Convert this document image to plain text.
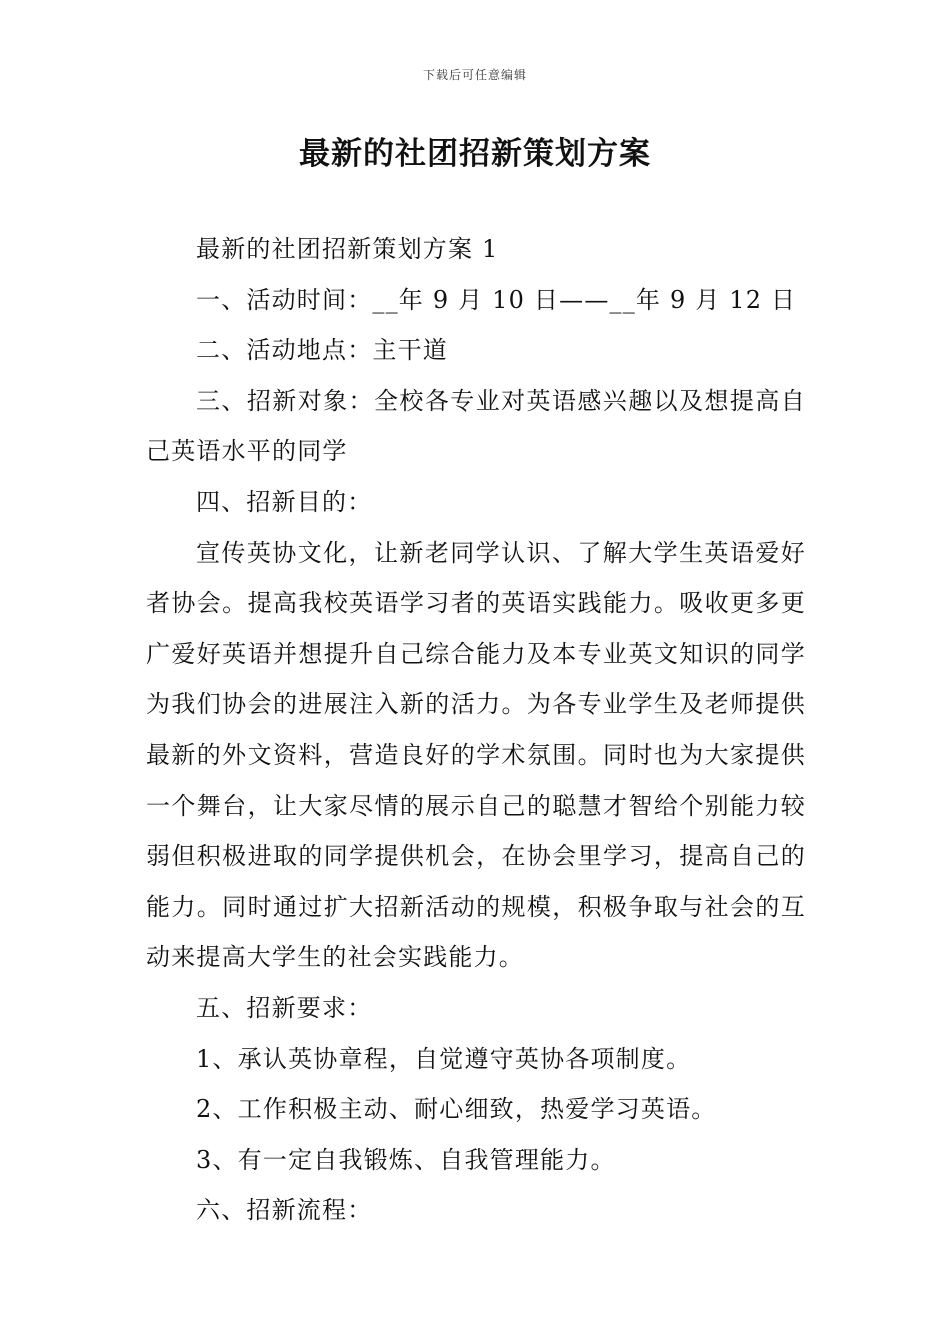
下载后可任意编辑
最新的社团招新策划方案

最新的社团招新策划方案 1

一、活动时间：__年 9 月 10 日——__年 9 月 12 日

二、活动地点：主干道

三、招新对象：全校各专业对英语感兴趣以及想提高自己英语水平的同学

四、招新目的：

宣传英协文化，让新老同学认识、了解大学生英语爱好者协会。提高我校英语学习者的英语实践能力。吸收更多更广爱好英语并想提升自己综合能力及本专业英文知识的同学为我们协会的进展注入新的活力。为各专业学生及老师提供最新的外文资料，营造良好的学术氛围。同时也为大家提供一个舞台，让大家尽情的展示自己的聪慧才智给个别能力较弱但积极进取的同学提供机会，在协会里学习，提高自己的能力。同时通过扩大招新活动的规模，积极争取与社会的互动来提高大学生的社会实践能力。

五、招新要求：

1、承认英协章程，自觉遵守英协各项制度。

2、工作积极主动、耐心细致，热爱学习英语。

3、有一定自我锻炼、自我管理能力。

六、招新流程：
